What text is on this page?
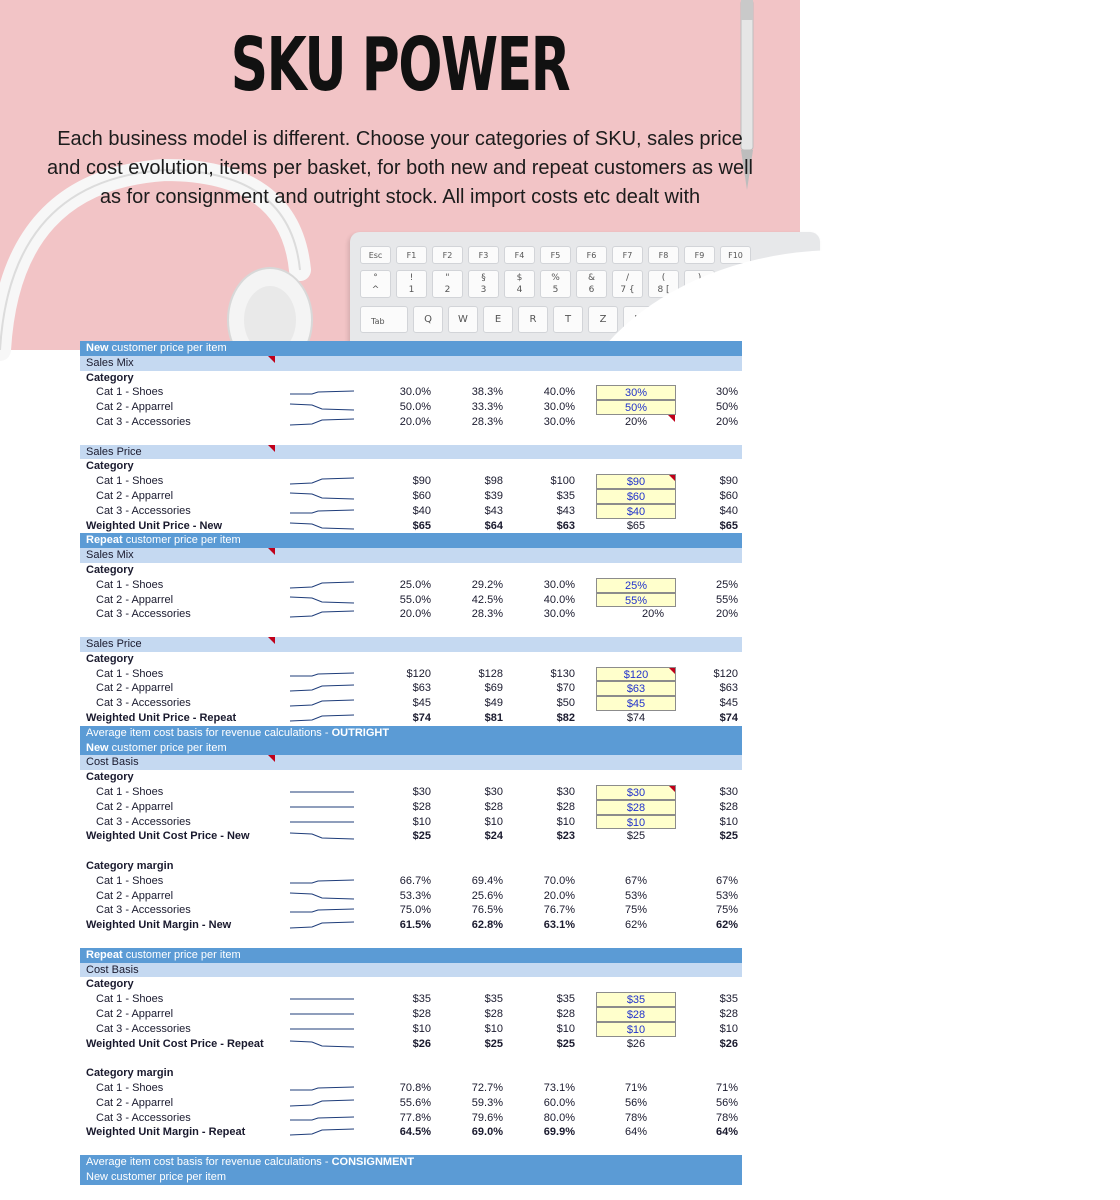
Esc	F1	F2	F3	F4	F5	F6	F7	F8	F9	F10
°
^
!
1
"
2
§
3
$
4
%
5
&
6
/
7 {
(
8 [
Tab	Q	W	E	R	T	Z
SKU POWER
Each business model is different. Choose your categories of SKU, sales price and cost evolution, items per basket, for both new and repeat customers as well as for consignment and outright stock. All import costs etc dealt with
New customer price per item
Sales Mix
Category
Cat 1 - Shoes	30.0%	38.3%	40.0%	30%	30%
Cat 2 - Apparrel	50.0%	33.3%	30.0%	50%	50%
Cat 3 - Accessories	20.0%	28.3%	30.0%	20%	20%
Sales Price
Category
Cat 1 - Shoes	$90	$98	$100	$90	$90
Cat 2 - Apparrel	$60	$39	$35	$60	$60
Cat 3 - Accessories	$40	$43	$43	$40	$40
Weighted Unit Price - New	$65	$64	$63	$65	$65
Repeat customer price per item
Sales Mix
Category
Cat 1 - Shoes	25.0%	29.2%	30.0%	25%	25%
Cat 2 - Apparrel	55.0%	42.5%	40.0%	55%	55%
Cat 3 - Accessories	20.0%	28.3%	30.0%	20%	20%
Sales Price
Category
Cat 1 - Shoes	$120	$128	$130	$120	$120
Cat 2 - Apparrel	$63	$69	$70	$63	$63
Cat 3 - Accessories	$45	$49	$50	$45	$45
Weighted Unit Price - Repeat	$74	$81	$82	$74	$74
Average item cost basis for revenue calculations - OUTRIGHT
New customer price per item
Cost Basis
Category
Cat 1 - Shoes	$30	$30	$30	$30	$30
Cat 2 - Apparrel	$28	$28	$28	$28	$28
Cat 3 - Accessories	$10	$10	$10	$10	$10
Weighted Unit Cost Price - New	$25	$24	$23	$25	$25
Category margin
Cat 1 - Shoes	66.7%	69.4%	70.0%	67%	67%
Cat 2 - Apparrel	53.3%	25.6%	20.0%	53%	53%
Cat 3 - Accessories	75.0%	76.5%	76.7%	75%	75%
Weighted Unit Margin - New	61.5%	62.8%	63.1%	62%	62%
Repeat customer price per item
Cost Basis
Category
Cat 1 - Shoes	$35	$35	$35	$35	$35
Cat 2 - Apparrel	$28	$28	$28	$28	$28
Cat 3 - Accessories	$10	$10	$10	$10	$10
Weighted Unit Cost Price - Repeat	$26	$25	$25	$26	$26
Category margin
Cat 1 - Shoes	70.8%	72.7%	73.1%	71%	71%
Cat 2 - Apparrel	55.6%	59.3%	60.0%	56%	56%
Cat 3 - Accessories	77.8%	79.6%	80.0%	78%	78%
Weighted Unit Margin - Repeat	64.5%	69.0%	69.9%	64%	64%
Average item cost basis for revenue calculations - CONSIGNMENT
New customer price per item
